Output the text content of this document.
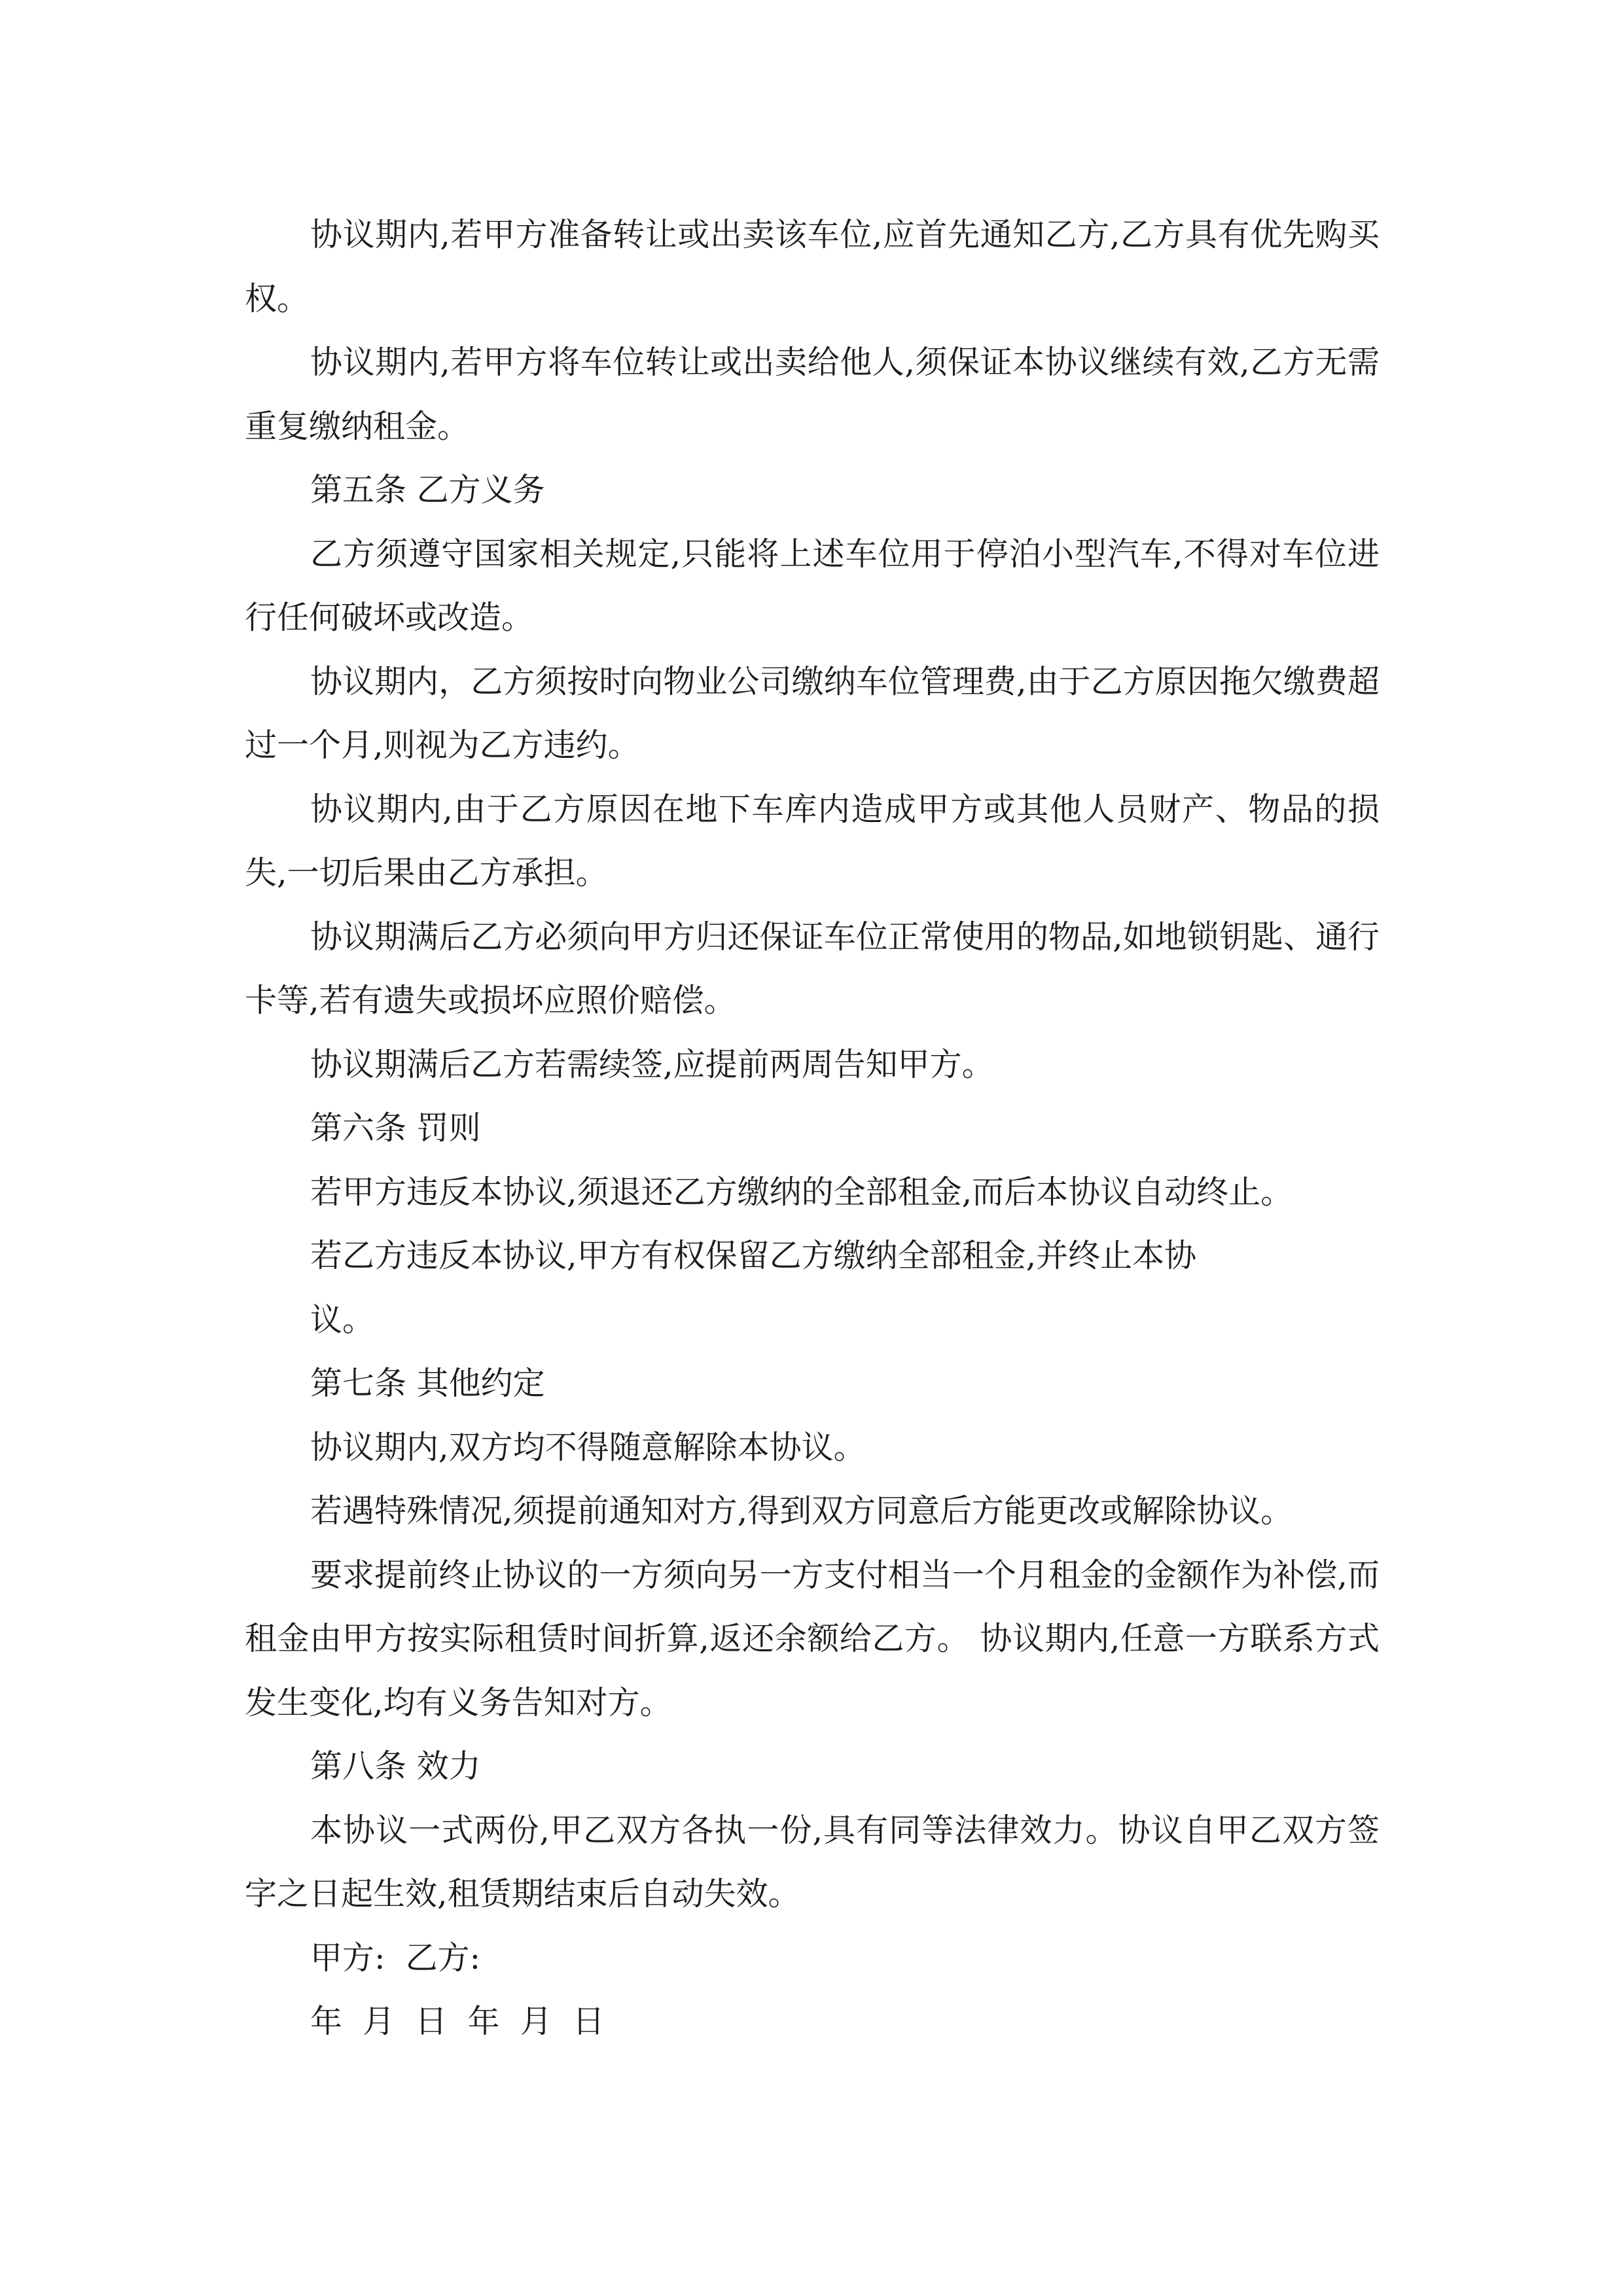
协议期内,若甲方准备转让或出卖该车位,应首先通知乙方,乙方具有优先购买权。

协议期内,若甲方将车位转让或出卖给他人,须保证本协议继续有效,乙方无需重复缴纳租金。

第五条 乙方义务

乙方须遵守国家相关规定,只能将上述车位用于停泊小型汽车,不得对车位进行任何破坏或改造。

协议期内，乙方须按时向物业公司缴纳车位管理费,由于乙方原因拖欠缴费超过一个月,则视为乙方违约。

协议期内,由于乙方原因在地下车库内造成甲方或其他人员财产、物品的损失,一切后果由乙方承担。

协议期满后乙方必须向甲方归还保证车位正常使用的物品,如地锁钥匙、通行卡等,若有遗失或损坏应照价赔偿。

协议期满后乙方若需续签,应提前两周告知甲方。

第六条 罚则

若甲方违反本协议,须退还乙方缴纳的全部租金,而后本协议自动终止。

若乙方违反本协议,甲方有权保留乙方缴纳全部租金,并终止本协

议。

第七条 其他约定

协议期内,双方均不得随意解除本协议。

若遇特殊情况,须提前通知对方,得到双方同意后方能更改或解除协议。

要求提前终止协议的一方须向另一方支付相当一个月租金的金额作为补偿,而租金由甲方按实际租赁时间折算,返还余额给乙方。 协议期内,任意一方联系方式发生变化,均有义务告知对方。

第八条 效力

本协议一式两份,甲乙双方各执一份,具有同等法律效力。协议自甲乙双方签字之日起生效,租赁期结束后自动失效。

甲方:  乙方:

年  月  日  年  月  日
